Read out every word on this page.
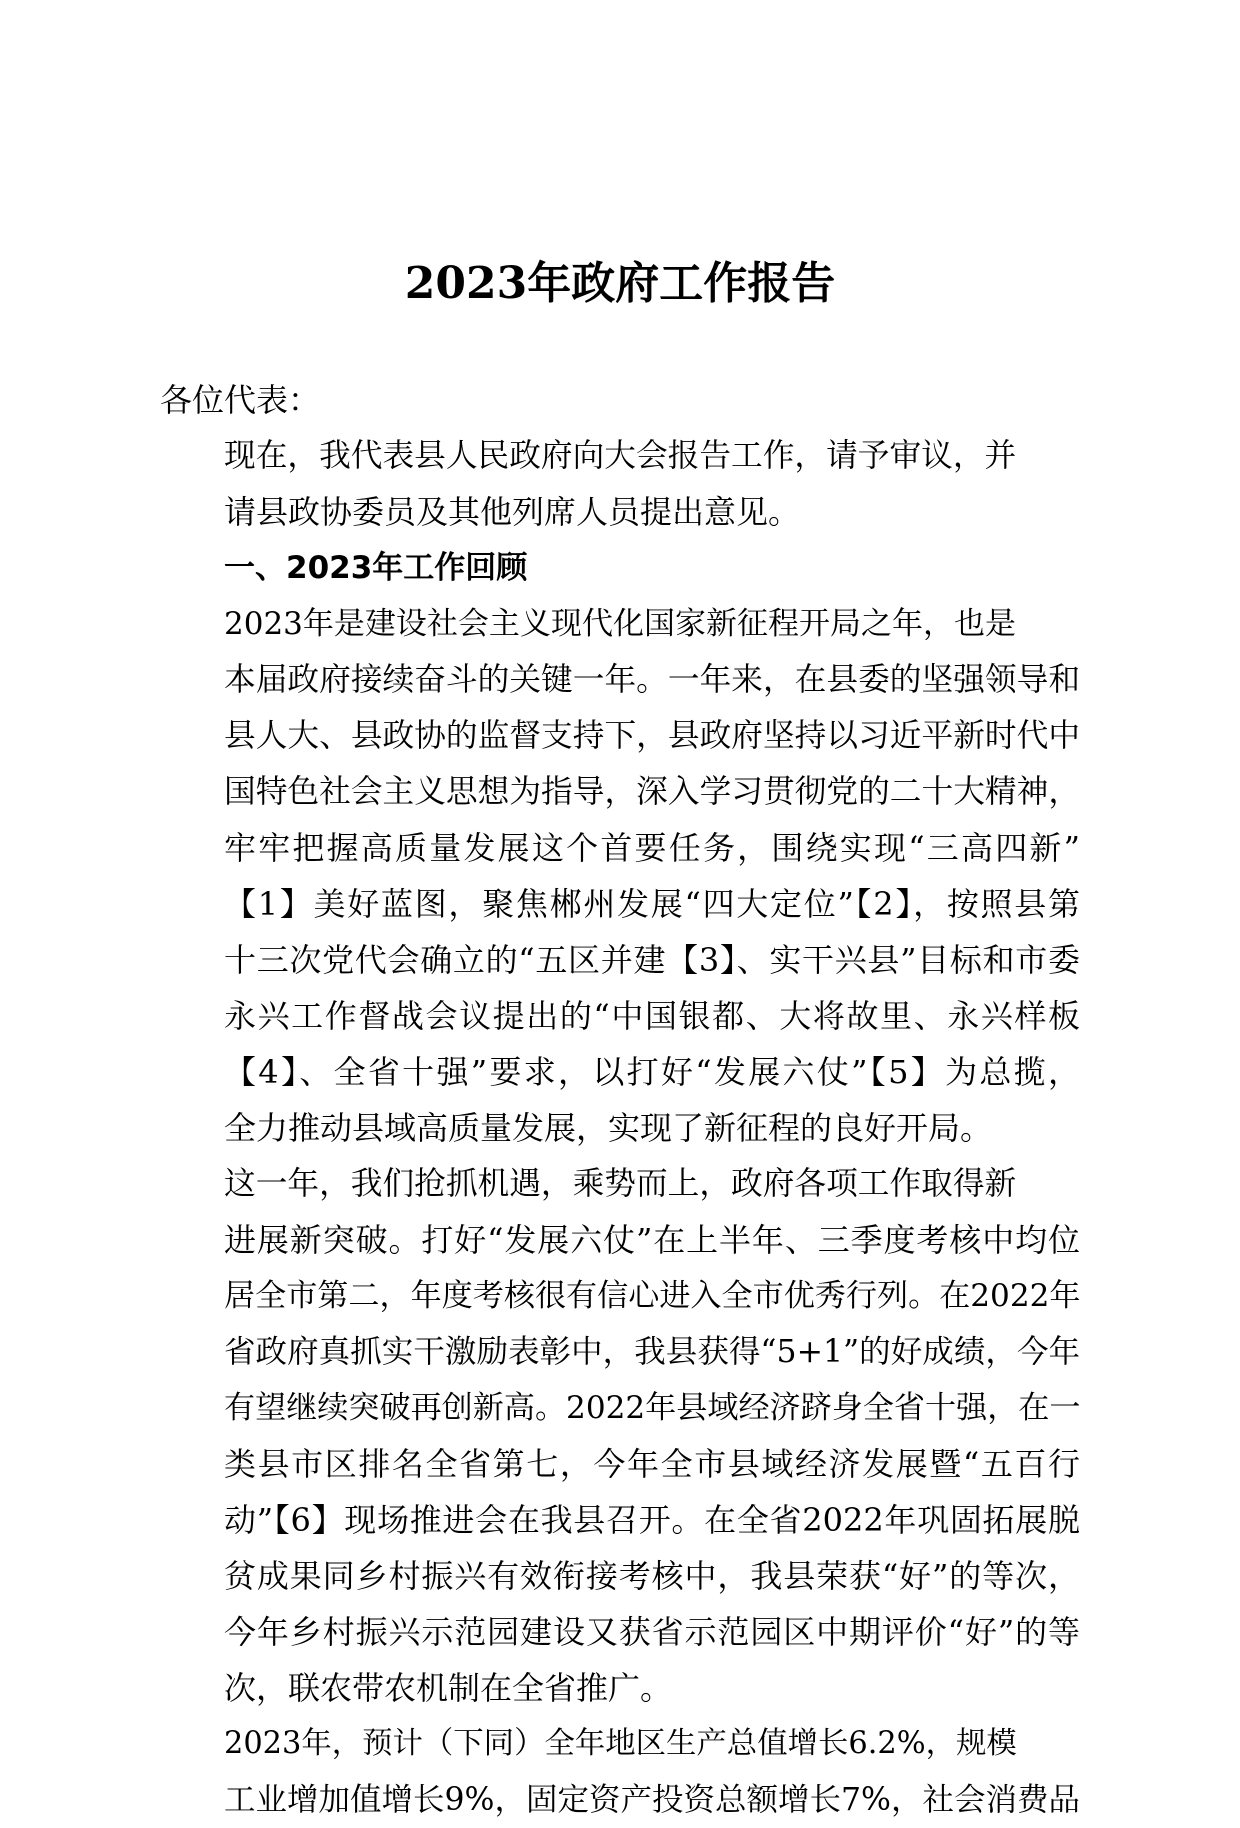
2023年政府工作报告

各位代表：

现在，我代表县人民政府向大会报告工作，请予审议，并
请县政协委员及其他列席人员提出意见。

一、2023年工作回顾

2023年是建设社会主义现代化国家新征程开局之年，也是
本届政府接续奋斗的关键一年。一年来，在县委的坚强领导和
县人大、县政协的监督支持下，县政府坚持以习近平新时代中
国特色社会主义思想为指导，深入学习贯彻党的二十大精神，
牢牢把握高质量发展这个首要任务，围绕实现“三高四新”
【1】美好蓝图，聚焦郴州发展“四大定位”【2】，按照县第
十三次党代会确立的“五区并建【3】、实干兴县”目标和市委
永兴工作督战会议提出的“中国银都、大将故里、永兴样板
【4】、全省十强”要求，以打好“发展六仗”【5】为总揽，
全力推动县域高质量发展，实现了新征程的良好开局。

这一年，我们抢抓机遇，乘势而上，政府各项工作取得新
进展新突破。打好“发展六仗”在上半年、三季度考核中均位
居全市第二，年度考核很有信心进入全市优秀行列。在2022年
省政府真抓实干激励表彰中，我县获得“5+1”的好成绩，今年
有望继续突破再创新高。2022年县域经济跻身全省十强，在一
类县市区排名全省第七，今年全市县域经济发展暨“五百行
动”【6】现场推进会在我县召开。在全省2022年巩固拓展脱
贫成果同乡村振兴有效衔接考核中，我县荣获“好”的等次，
今年乡村振兴示范园建设又获省示范园区中期评价“好”的等
次，联农带农机制在全省推广。

2023年，预计（下同）全年地区生产总值增长6.2%，规模
工业增加值增长9%，固定资产投资总额增长7%，社会消费品
